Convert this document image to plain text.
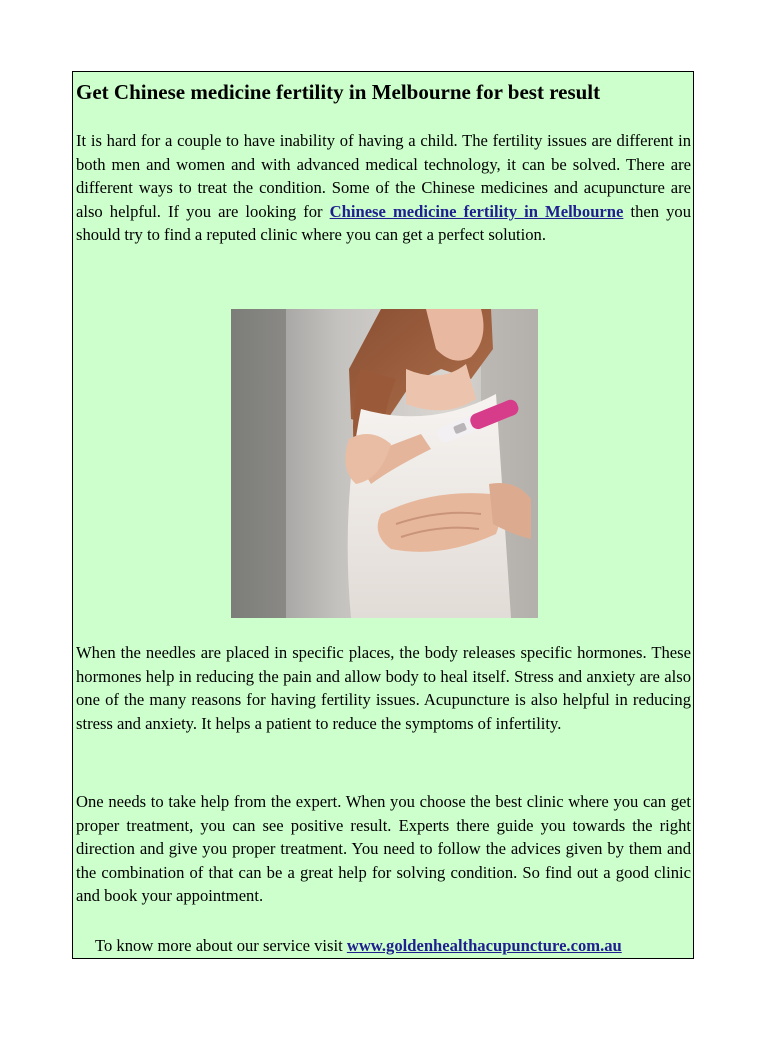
Get Chinese medicine fertility in Melbourne for best result

It is hard for a couple to have inability of having a child. The fertility issues are different in both men and women and with advanced medical technology, it can be solved. There are different ways to treat the condition. Some of the Chinese medicines and acupuncture are also helpful. If you are looking for Chinese medicine fertility in Melbourne then you should try to find a reputed clinic where you can get a perfect solution.

When the needles are placed in specific places, the body releases specific hormones. These hormones help in reducing the pain and allow body to heal itself. Stress and anxiety are also one of the many reasons for having fertility issues. Acupuncture is also helpful in reducing stress and anxiety. It helps a patient to reduce the symptoms of infertility.

One needs to take help from the expert. When you choose the best clinic where you can get proper treatment, you can see positive result. Experts there guide you towards the right direction and give you proper treatment. You need to follow the advices given by them and the combination of that can be a great help for solving condition. So find out a good clinic and book your appointment.

To know more about our service visit www.goldenhealthacupuncture.com.au
